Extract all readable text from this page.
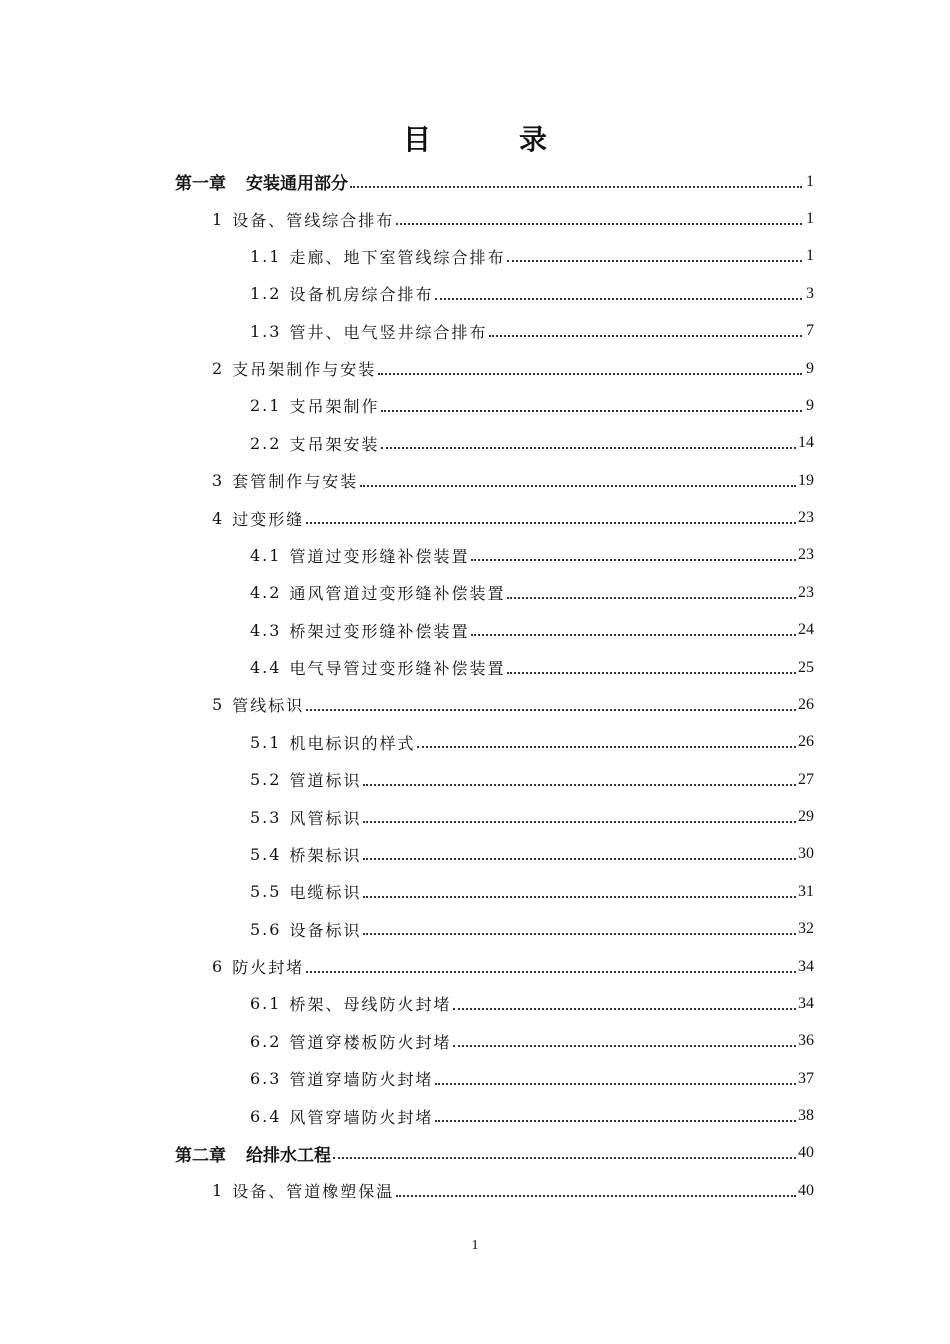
目　录
第一章 安装通用部分	1
1 设备、管线综合排布	1
1.1 走廊、地下室管线综合排布	1
1.2 设备机房综合排布	3
1.3 管井、电气竖井综合排布	7
2 支吊架制作与安装	9
2.1 支吊架制作	9
2.2 支吊架安装	14
3 套管制作与安装	19
4 过变形缝	23
4.1 管道过变形缝补偿装置	23
4.2 通风管道过变形缝补偿装置	23
4.3 桥架过变形缝补偿装置	24
4.4 电气导管过变形缝补偿装置	25
5 管线标识	26
5.1 机电标识的样式	26
5.2 管道标识	27
5.3 风管标识	29
5.4 桥架标识	30
5.5 电缆标识	31
5.6 设备标识	32
6 防火封堵	34
6.1 桥架、母线防火封堵	34
6.2 管道穿楼板防火封堵	36
6.3 管道穿墙防火封堵	37
6.4 风管穿墙防火封堵	38
第二章 给排水工程	40
1 设备、管道橡塑保温	40
1
